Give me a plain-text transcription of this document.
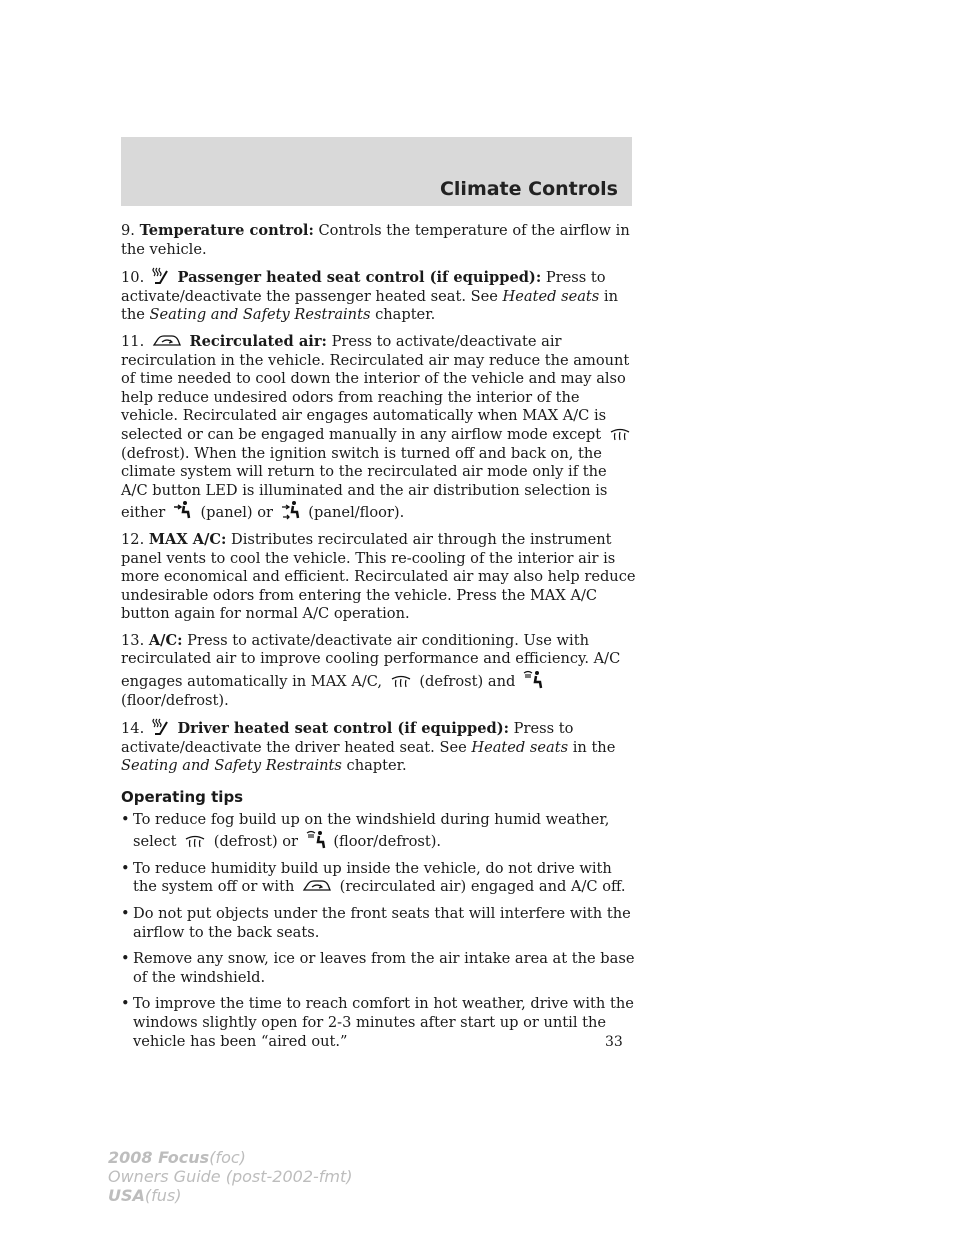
Climate Controls

9. Temperature control: Controls the temperature of the airflow in the vehicle.

10. Passenger heated seat control (if equipped): Press to activate/deactivate the passenger heated seat. See Heated seats in the Seating and Safety Restraints chapter.

11.	Recirculated air: Press to activate/deactivate air recirculation in the vehicle. Recirculated air may reduce the amount of time needed to cool down the interior of the vehicle and may also help reduce undesired odors from reaching the interior of the vehicle. Recirculated air engages automatically when MAX A/C is selected or can be engaged manually in any airflow mode except  (defrost). When the ignition switch is turned off and back on, the climate system will return to the recirculated air mode only if the A/C button LED is illuminated and the air distribution selection is either (panel) or (panel/floor).

12. MAX A/C: Distributes recirculated air through the instrument panel vents to cool the vehicle. This re-cooling of the interior air is more economical and efficient. Recirculated air may also help reduce undesirable odors from entering the vehicle. Press the MAX A/C button again for normal A/C operation.

13. A/C: Press to activate/deactivate air conditioning. Use with recirculated air to improve cooling performance and efficiency. A/C engages automatically in MAX A/C,	(defrost) and  (floor/defrost).

14. Driver heated seat control (if equipped): Press to activate/deactivate the driver heated seat. See Heated seats in the Seating and Safety Restraints chapter.

Operating tips
• To reduce fog build up on the windshield during humid weather, select	(defrost) or (floor/defrost).
• To reduce humidity build up inside the vehicle, do not drive with the system off or with	(recirculated air) engaged and A/C off.
• Do not put objects under the front seats that will interfere with the airflow to the back seats.
• Remove any snow, ice or leaves from the air intake area at the base of the windshield.
• To improve the time to reach comfort in hot weather, drive with the windows slightly open for 2-3 minutes after start up or until the vehicle has been “aired out.”	33
2008 Focus(foc)
Owners Guide (post-2002-fmt)
USA(fus)
